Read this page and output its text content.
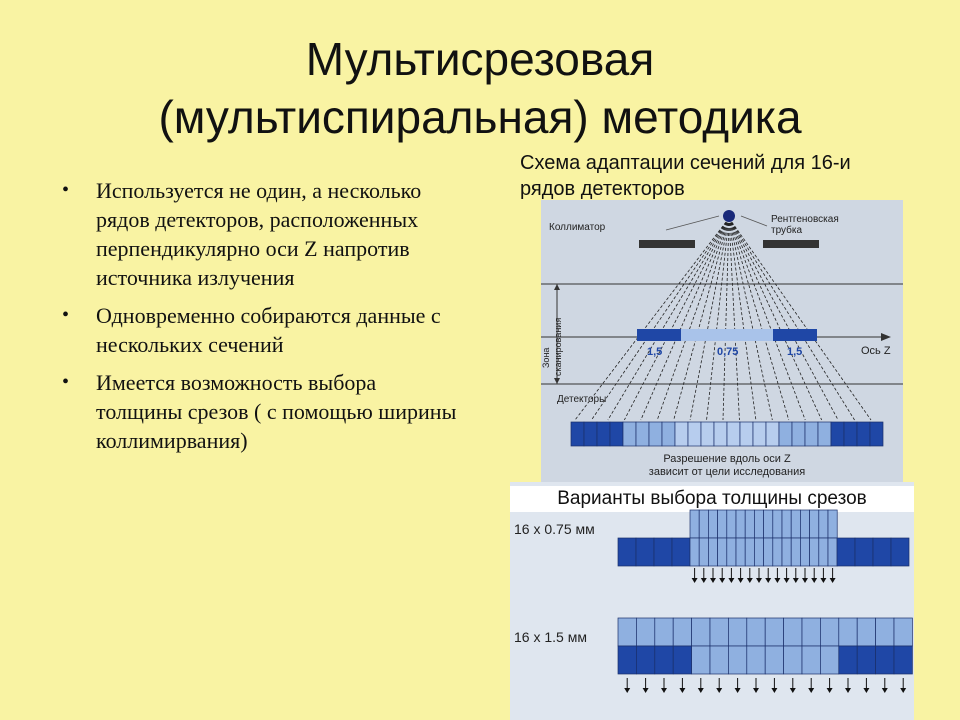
Мультисрезовая
(мультиспиральная) методика
• Используется не один, а несколько рядов детекторов, расположенных перпендикулярно оси Z напротив источника излучения
• Одновременно собираются данные с нескольких сечений
• Имеется возможность выбора толщины срезов ( с помощью ширины коллимирвания)
Схема адаптации сечений для 16-и рядов детекторов
Коллиматор
Рентгеновская
трубка
Зона сканирования	Ось Z
1,5	0,75	1,5
Детекторы
Разрешение вдоль оси Z
зависит от цели исследования
Варианты выбора толщины срезов
16 x 0.75 мм
16 x 1.5 мм
